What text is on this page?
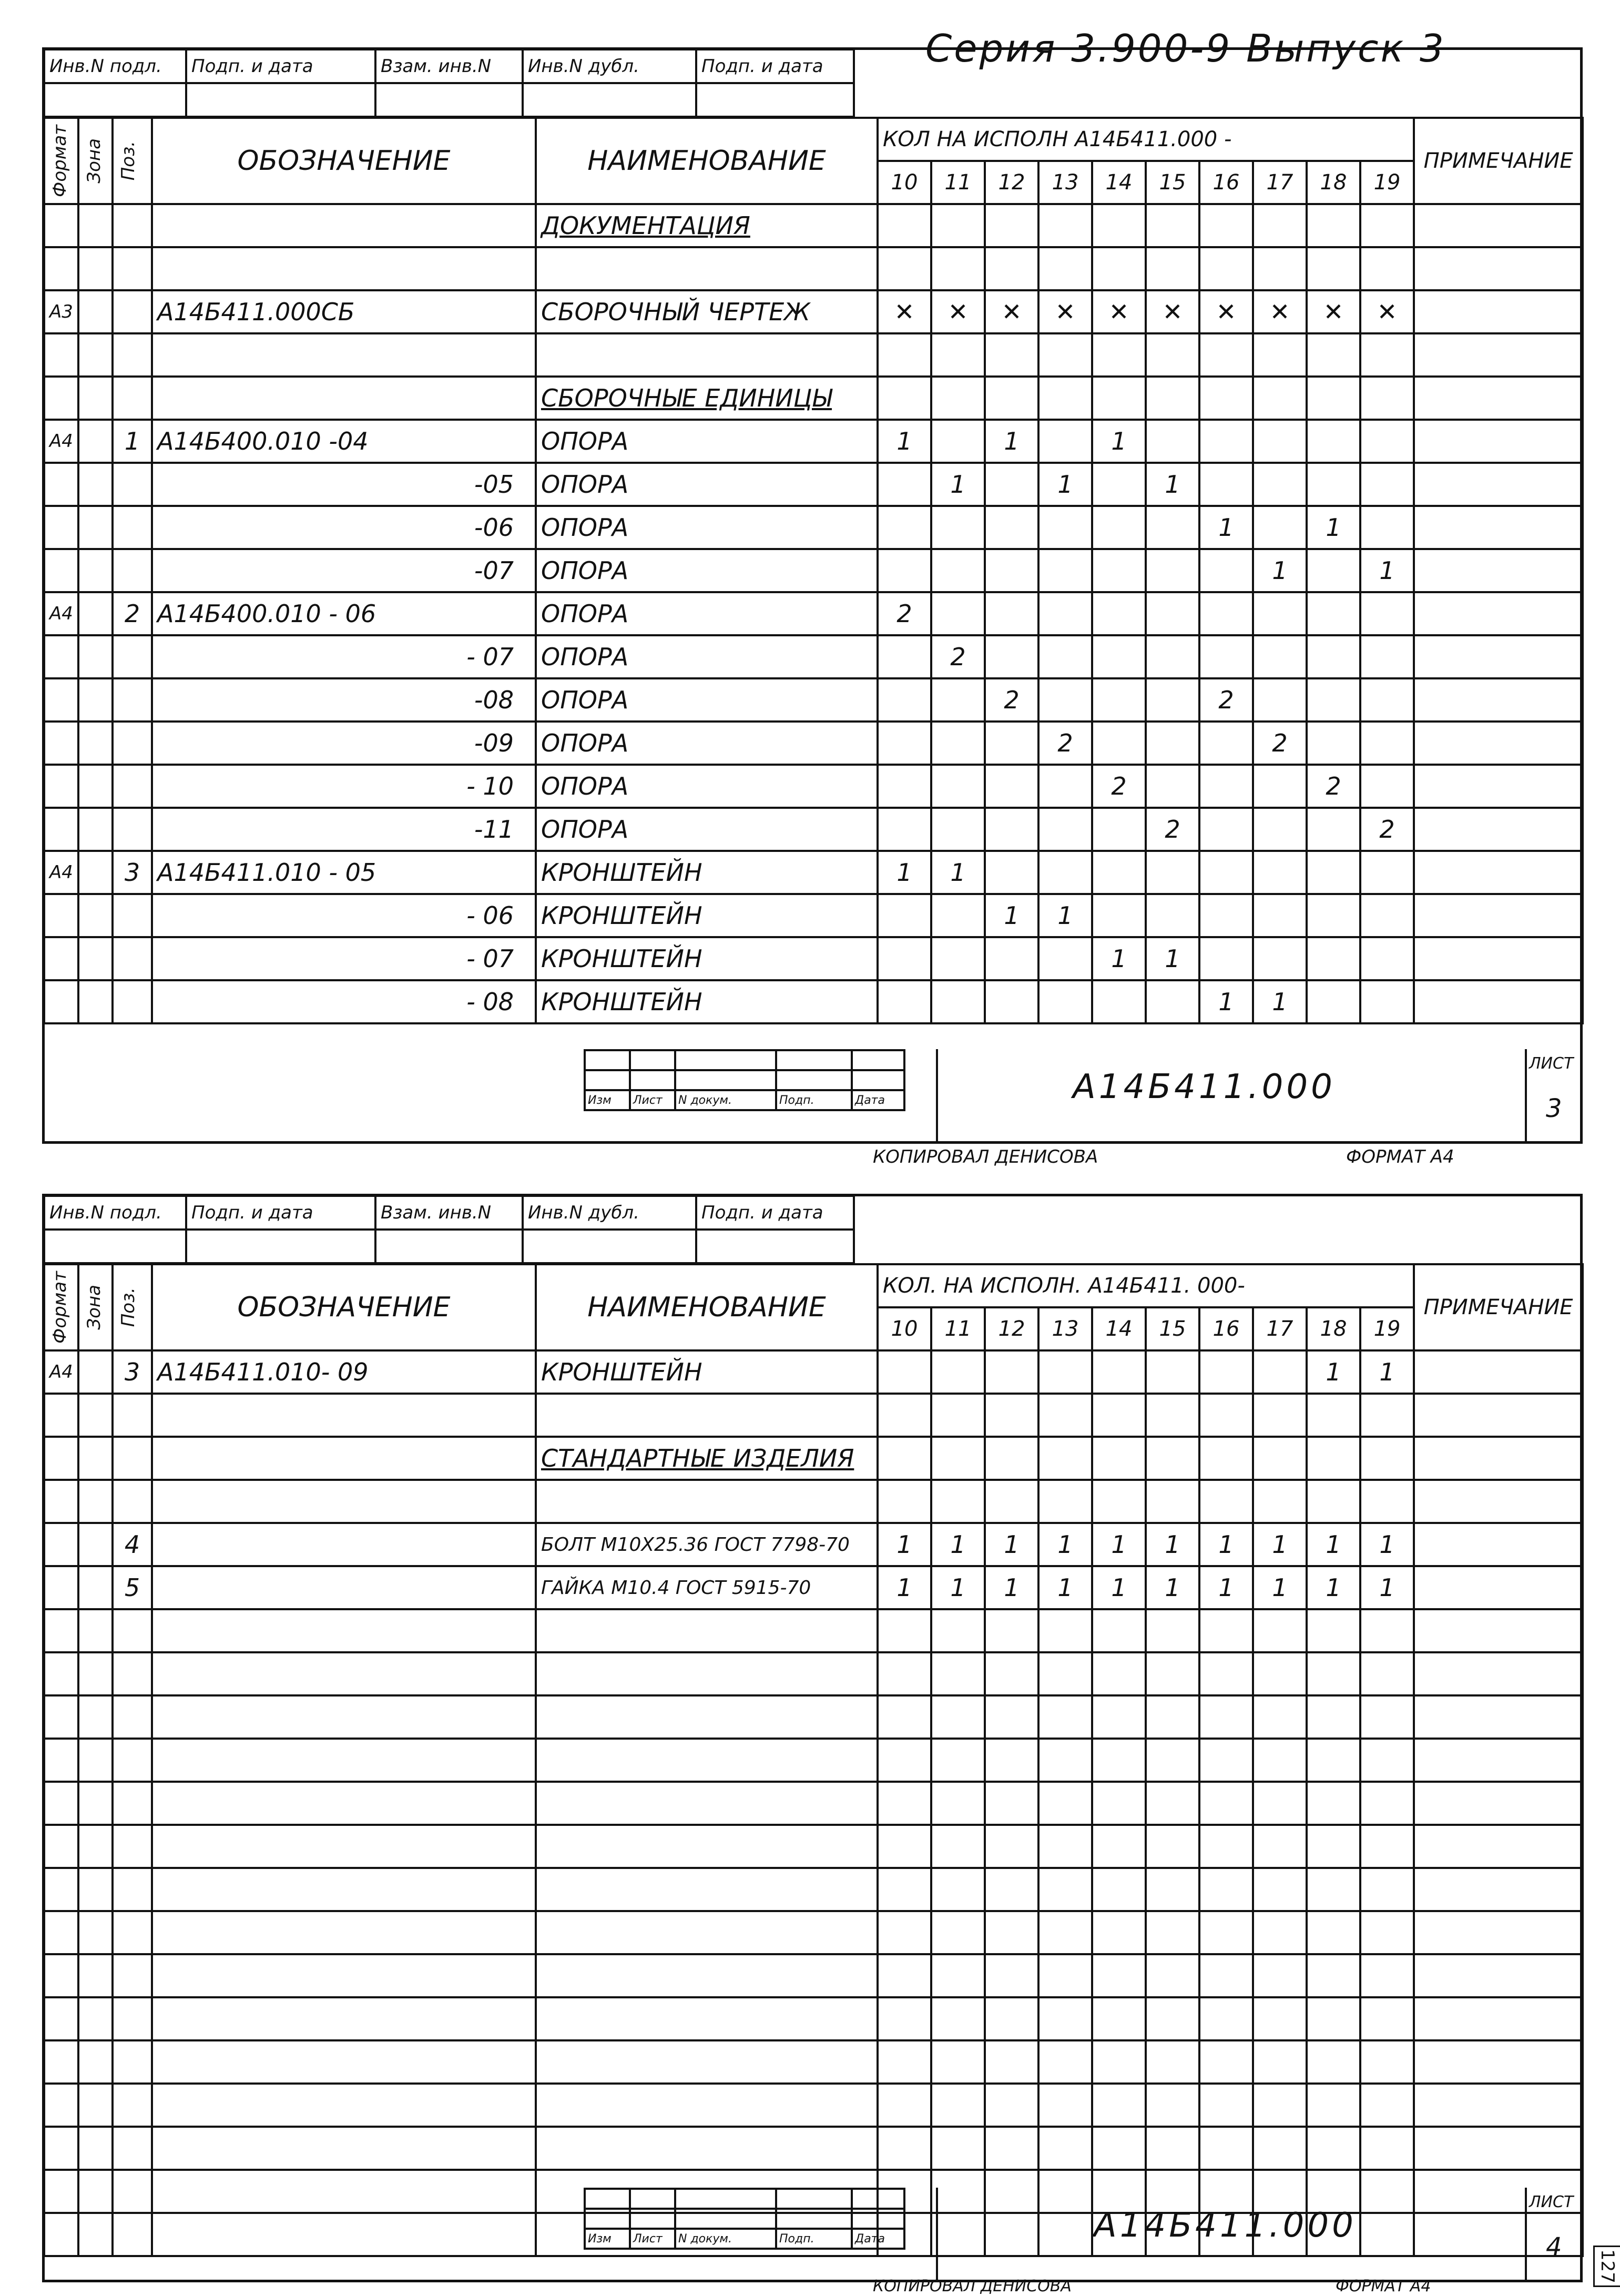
Серия 3.900-9 Выпуск 3
Инв.N подл.	Подп. и дата	Взам. инв.N	Инв.N дубл.	Подп. и дата

Формат	Зона	Поз.	ОБОЗНАЧЕНИЕ	НАИМЕНОВАНИЕ	КОЛ НА ИСПОЛН А14Б411.000 -										ПРИМЕЧАНИЕ
					10	11	12	13	14	15	16	17	18	19	
				ДОКУМЕНТАЦИЯ											

А3			А14Б411.000СБ	СБОРОЧНЫЙ ЧЕРТЕЖ	✕	✕	✕	✕	✕	✕	✕	✕	✕	✕	

				СБОРОЧНЫЕ ЕДИНИЦЫ											
А4		1	А14Б400.010 -04	ОПОРА	1		1		1						
			-05	ОПОРА		1		1		1					
			-06	ОПОРА							1		1		
			-07	ОПОРА								1		1	
А4		2	А14Б400.010 - 06	ОПОРА	2										
			- 07	ОПОРА		2									
			-08	ОПОРА			2				2				
			-09	ОПОРА				2				2			
			- 10	ОПОРА					2				2		
			-11	ОПОРА						2				2	
А4		3	А14Б411.010 - 05	КРОНШТЕЙН	1	1									
			- 06	КРОНШТЕЙН			1	1							
			- 07	КРОНШТЕЙН					1	1					
			- 08	КРОНШТЕЙН							1	1			

Изм	Лист	N докум.	Подп.	Дата	А14Б411.000
ЛИСТ
3
КОПИРОВАЛ ДЕНИСОВА	ФОРМАТ А4
Инв.N подл.	Подп. и дата	Взам. инв.N	Инв.N дубл.	Подп. и дата

Формат	Зона	Поз.	ОБОЗНАЧЕНИЕ	НАИМЕНОВАНИЕ	КОЛ. НА ИСПОЛН. А14Б411. 000-										ПРИМЕЧАНИЕ
					10	11	12	13	14	15	16	17	18	19	
А4		3	А14Б411.010- 09	КРОНШТЕЙН									1	1	

				СТАНДАРТНЫЕ ИЗДЕЛИЯ											

		4		БОЛТ М10Х25.36 ГОСТ 7798-70	1	1	1	1	1	1	1	1	1	1	
		5		ГАЙКА М10.4 ГОСТ 5915-70	1	1	1	1	1	1	1	1	1	1	

Изм	Лист	N докум.	Подп.	Дата	А14Б411.000
ЛИСТ
4
КОПИРОВАЛ ДЕНИСОВА	ФОРМАТ А4
127
